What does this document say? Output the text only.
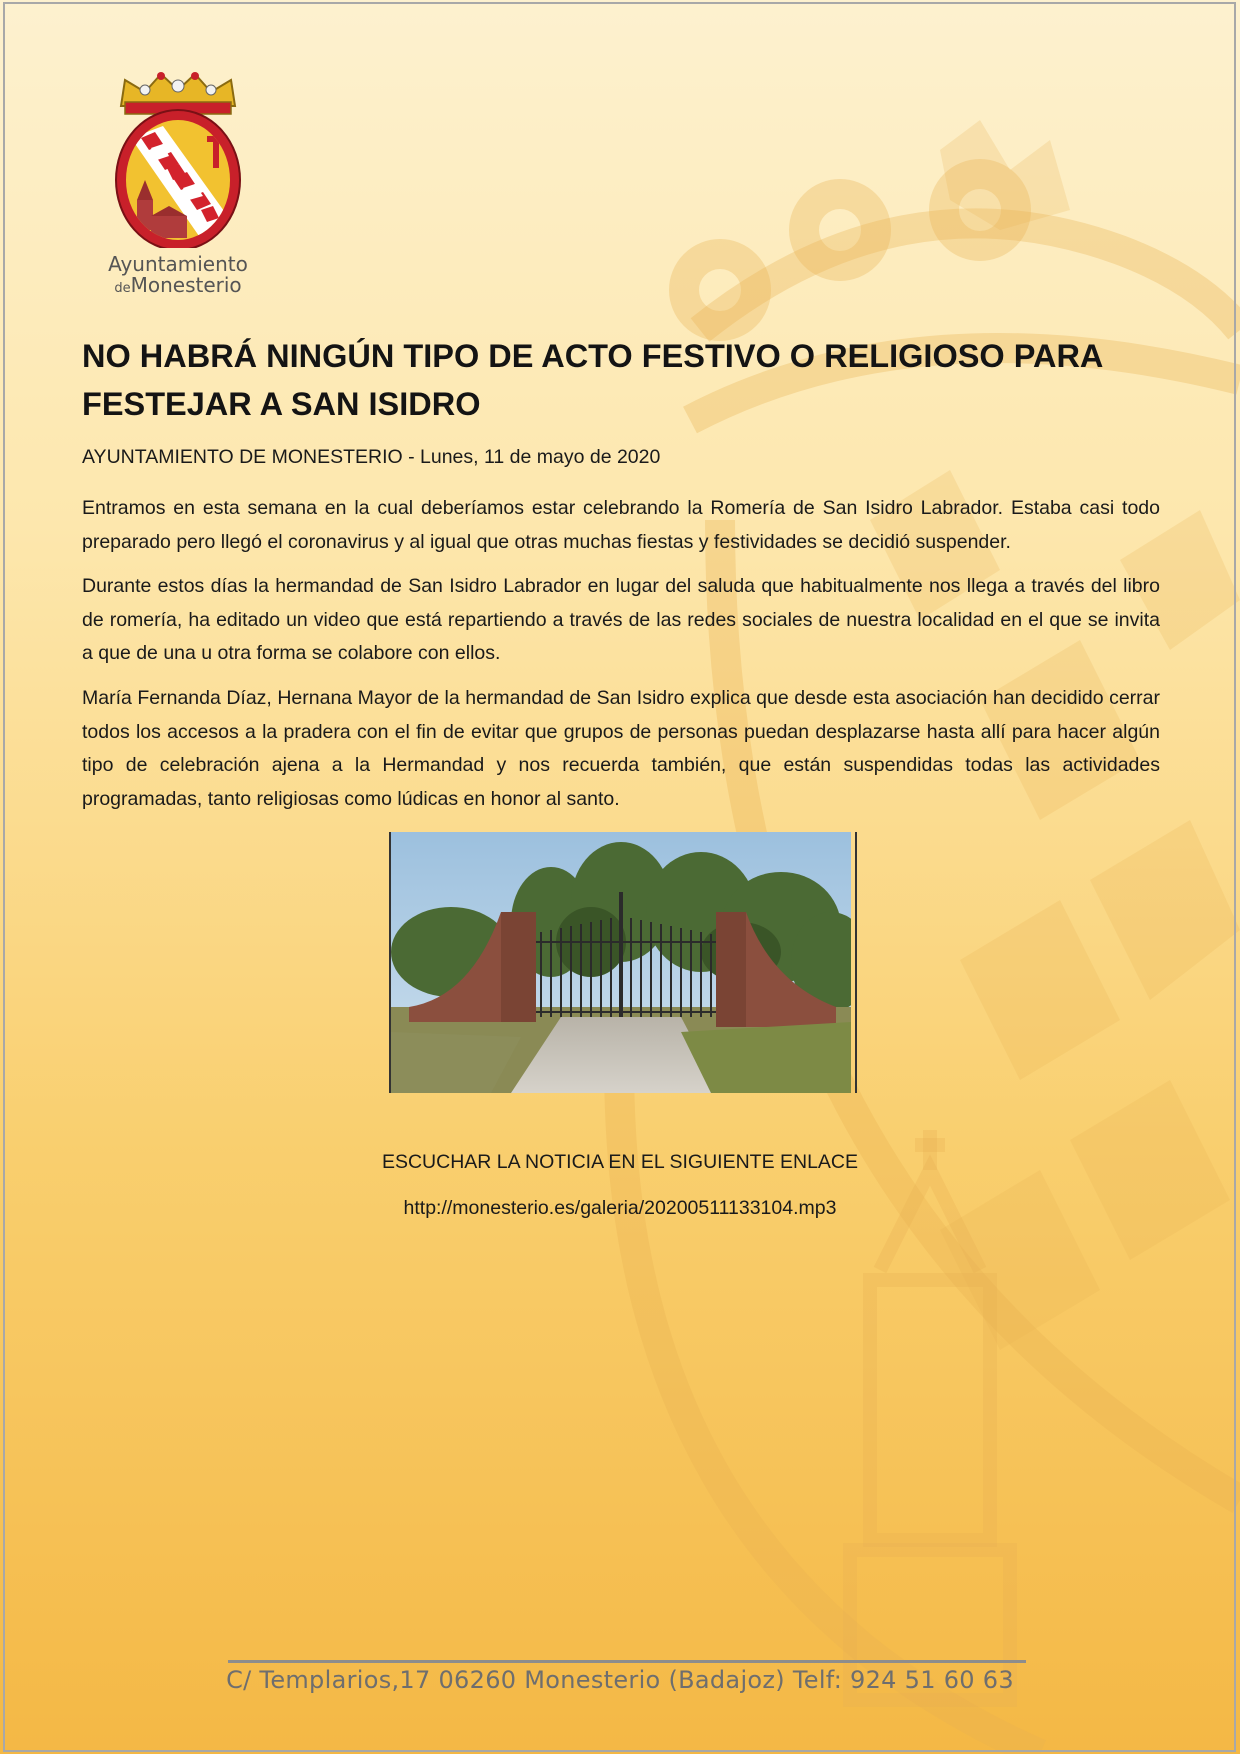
Ayuntamiento
deMonesterio
NO HABRÁ NINGÚN TIPO DE ACTO FESTIVO O RELIGIOSO PARA FESTEJAR A SAN ISIDRO

AYUNTAMIENTO DE MONESTERIO - Lunes, 11 de mayo de 2020

Entramos en esta semana en la cual deberíamos estar celebrando la Romería de San Isidro Labrador. Estaba casi todo preparado pero llegó el coronavirus y al igual que otras muchas fiestas y festividades se decidió suspender.

Durante estos días la hermandad de San Isidro Labrador en lugar del saluda que habitualmente nos llega a través del libro de romería, ha editado un video que está repartiendo a través de las redes sociales de nuestra localidad en el que se invita a que de una u otra forma se colabore con ellos.

María Fernanda Díaz, Hernana Mayor de la hermandad de San Isidro explica que desde esta asociación han decidido cerrar todos los accesos a la pradera con el fin de evitar que grupos de personas puedan desplazarse hasta allí para hacer algún tipo de celebración ajena a la Hermandad y nos recuerda también, que están suspendidas todas las actividades programadas, tanto religiosas como lúdicas en honor al santo.

ESCUCHAR LA NOTICIA EN EL SIGUIENTE ENLACE
http://monesterio.es/galeria/20200511133104.mp3
C/ Templarios,17 06260 Monesterio (Badajoz) Telf: 924 51 60 63
